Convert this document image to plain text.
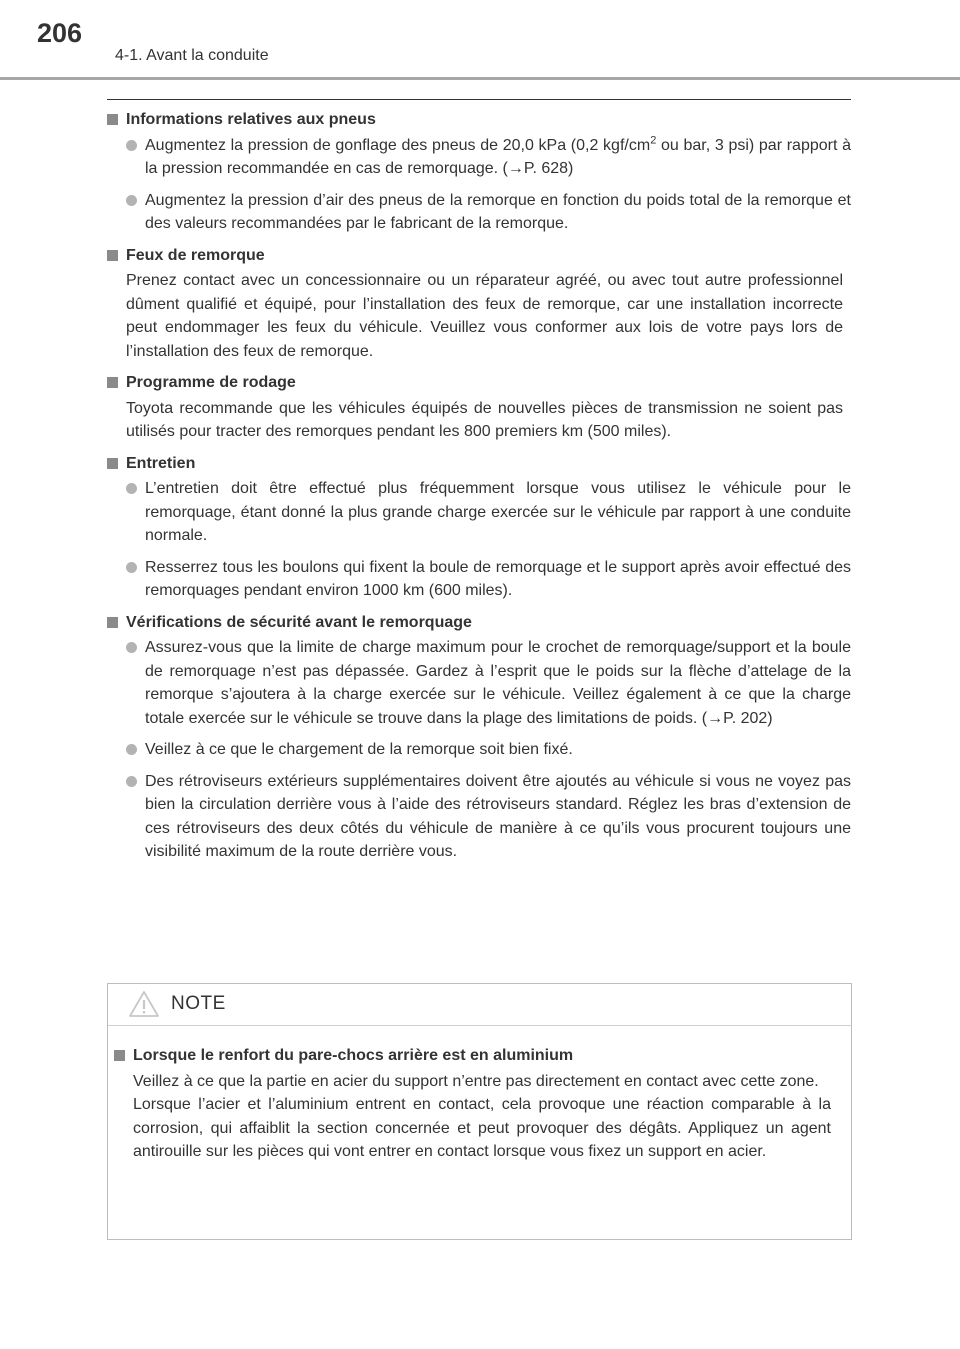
206
4-1. Avant la conduite
Informations relatives aux pneus
Augmentez la pression de gonflage des pneus de 20,0 kPa (0,2 kgf/$cm^2$ ou bar, 3 psi) par rapport à la pression recommandée en cas de remorquage. (→P. 628)
Augmentez la pression d’air des pneus de la remorque en fonction du poids total de la remorque et des valeurs recommandées par le fabricant de la remorque.
Feux de remorque
Prenez contact avec un concessionnaire ou un réparateur agréé, ou avec tout autre professionnel dûment qualifié et équipé, pour l’installation des feux de remorque, car une installation incorrecte peut endommager les feux du véhicule. Veuillez vous conformer aux lois de votre pays lors de l’installation des feux de remorque.
Programme de rodage
Toyota recommande que les véhicules équipés de nouvelles pièces de transmission ne soient pas utilisés pour tracter des remorques pendant les 800 premiers km (500 miles).
Entretien
L’entretien doit être effectué plus fréquemment lorsque vous utilisez le véhicule pour le remorquage, étant donné la plus grande charge exercée sur le véhicule par rapport à une conduite normale.
Resserrez tous les boulons qui fixent la boule de remorquage et le support après avoir effectué des remorquages pendant environ 1000 km (600 miles).
Vérifications de sécurité avant le remorquage
Assurez-vous que la limite de charge maximum pour le crochet de remorquage/support et la boule de remorquage n’est pas dépassée. Gardez à l’esprit que le poids sur la flèche d’attelage de la remorque s’ajoutera à la charge exercée sur le véhicule. Veillez également à ce que la charge totale exercée sur le véhicule se trouve dans la plage des limitations de poids. (→P. 202)
Veillez à ce que le chargement de la remorque soit bien fixé.
Des rétroviseurs extérieurs supplémentaires doivent être ajoutés au véhicule si vous ne voyez pas bien la circulation derrière vous à l’aide des rétroviseurs standard. Réglez les bras d’extension de ces rétroviseurs des deux côtés du véhicule de manière à ce qu’ils vous procurent toujours une visibilité maximum de la route derrière vous.
NOTE
Lorsque le renfort du pare-chocs arrière est en aluminium
Veillez à ce que la partie en acier du support n’entre pas directement en contact avec cette zone.
Lorsque l’acier et l’aluminium entrent en contact, cela provoque une réaction comparable à la corrosion, qui affaiblit la section concernée et peut provoquer des dégâts. Appliquez un agent antirouille sur les pièces qui vont entrer en contact lorsque vous fixez un support en acier.
